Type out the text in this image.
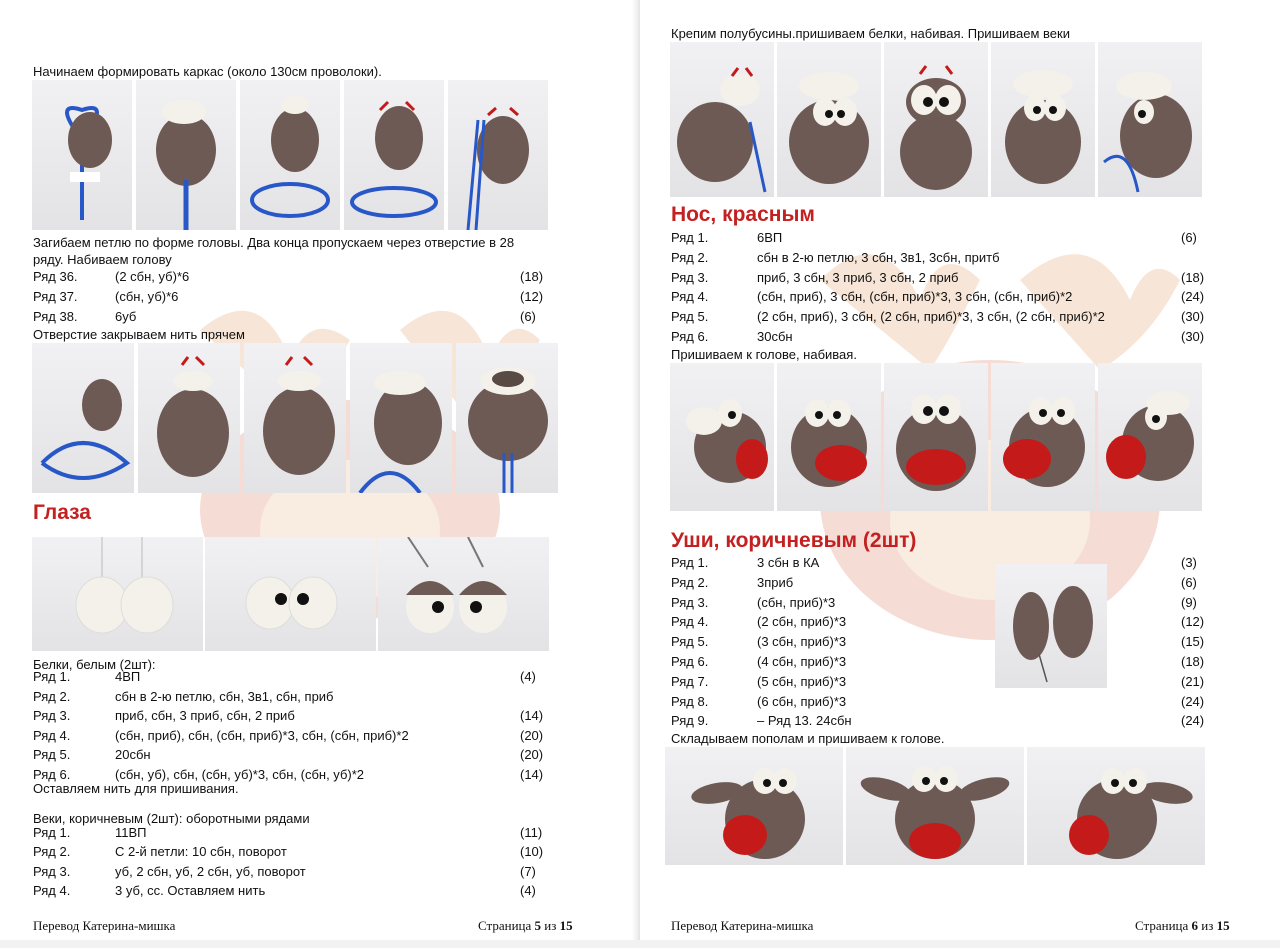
Начинаем формировать каркас (около 130см проволоки).
Загибаем петлю по форме головы. Два конца пропускаем через отверстие в 28
ряду. Набиваем голову
Ряд 36.	(2 сбн, уб)*6	(18)
Ряд 37.	(сбн, уб)*6	(12)
Ряд 38.	6уб	(6)
Отверстие закрываем нить прячем
Глаза
Белки, белым (2шт):
Ряд 1.	4ВП	(4)
Ряд 2.	сбн в 2-ю петлю, сбн, 3в1, сбн, приб
Ряд 3.	приб, сбн, 3 приб, сбн, 2 приб	(14)
Ряд 4.	(сбн, приб), сбн, (сбн, приб)*3, сбн, (сбн, приб)*2	(20)
Ряд 5.	20сбн	(20)
Ряд 6.	(сбн, уб), сбн, (сбн, уб)*3, сбн, (сбн, уб)*2	(14)
Оставляем нить для пришивания.
Веки, коричневым (2шт): оборотными рядами
Ряд 1.	11ВП	(11)
Ряд 2.	С 2-й петли: 10 сбн, поворот	(10)
Ряд 3.	уб, 2 сбн, уб, 2 сбн, уб, поворот	(7)
Ряд 4.	3 уб, сс. Оставляем нить	(4)
Перевод Катерина-мишка	Страница 5 из 15
Крепим полубусины.пришиваем белки, набивая. Пришиваем веки
Нос, красным
Ряд 1.	6ВП	(6)
Ряд 2.	сбн в 2-ю петлю, 3 сбн, 3в1, 3сбн, притб
Ряд 3.	приб, 3 сбн, 3 приб, 3 сбн, 2 приб	(18)
Ряд 4.	(сбн, приб), 3 сбн, (сбн, приб)*3, 3 сбн, (сбн, приб)*2	(24)
Ряд 5.	(2 сбн, приб), 3 сбн, (2 сбн, приб)*3, 3 сбн, (2 сбн, приб)*2	(30)
Ряд 6.	30сбн	(30)
Пришиваем к голове, набивая.
Уши, коричневым (2шт)
Ряд 1.	3 сбн в КА	(3)
Ряд 2.	3приб	(6)
Ряд 3.	(сбн, приб)*3	(9)
Ряд 4.	(2 сбн, приб)*3	(12)
Ряд 5.	(3 сбн, приб)*3	(15)
Ряд 6.	(4 сбн, приб)*3	(18)
Ряд 7.	(5 сбн, приб)*3	(21)
Ряд 8.	(6 сбн, приб)*3	(24)
Ряд 9.	– Ряд 13. 24сбн	(24)
Складываем пополам и пришиваем к голове.
Перевод Катерина-мишка	Страница 6 из 15
